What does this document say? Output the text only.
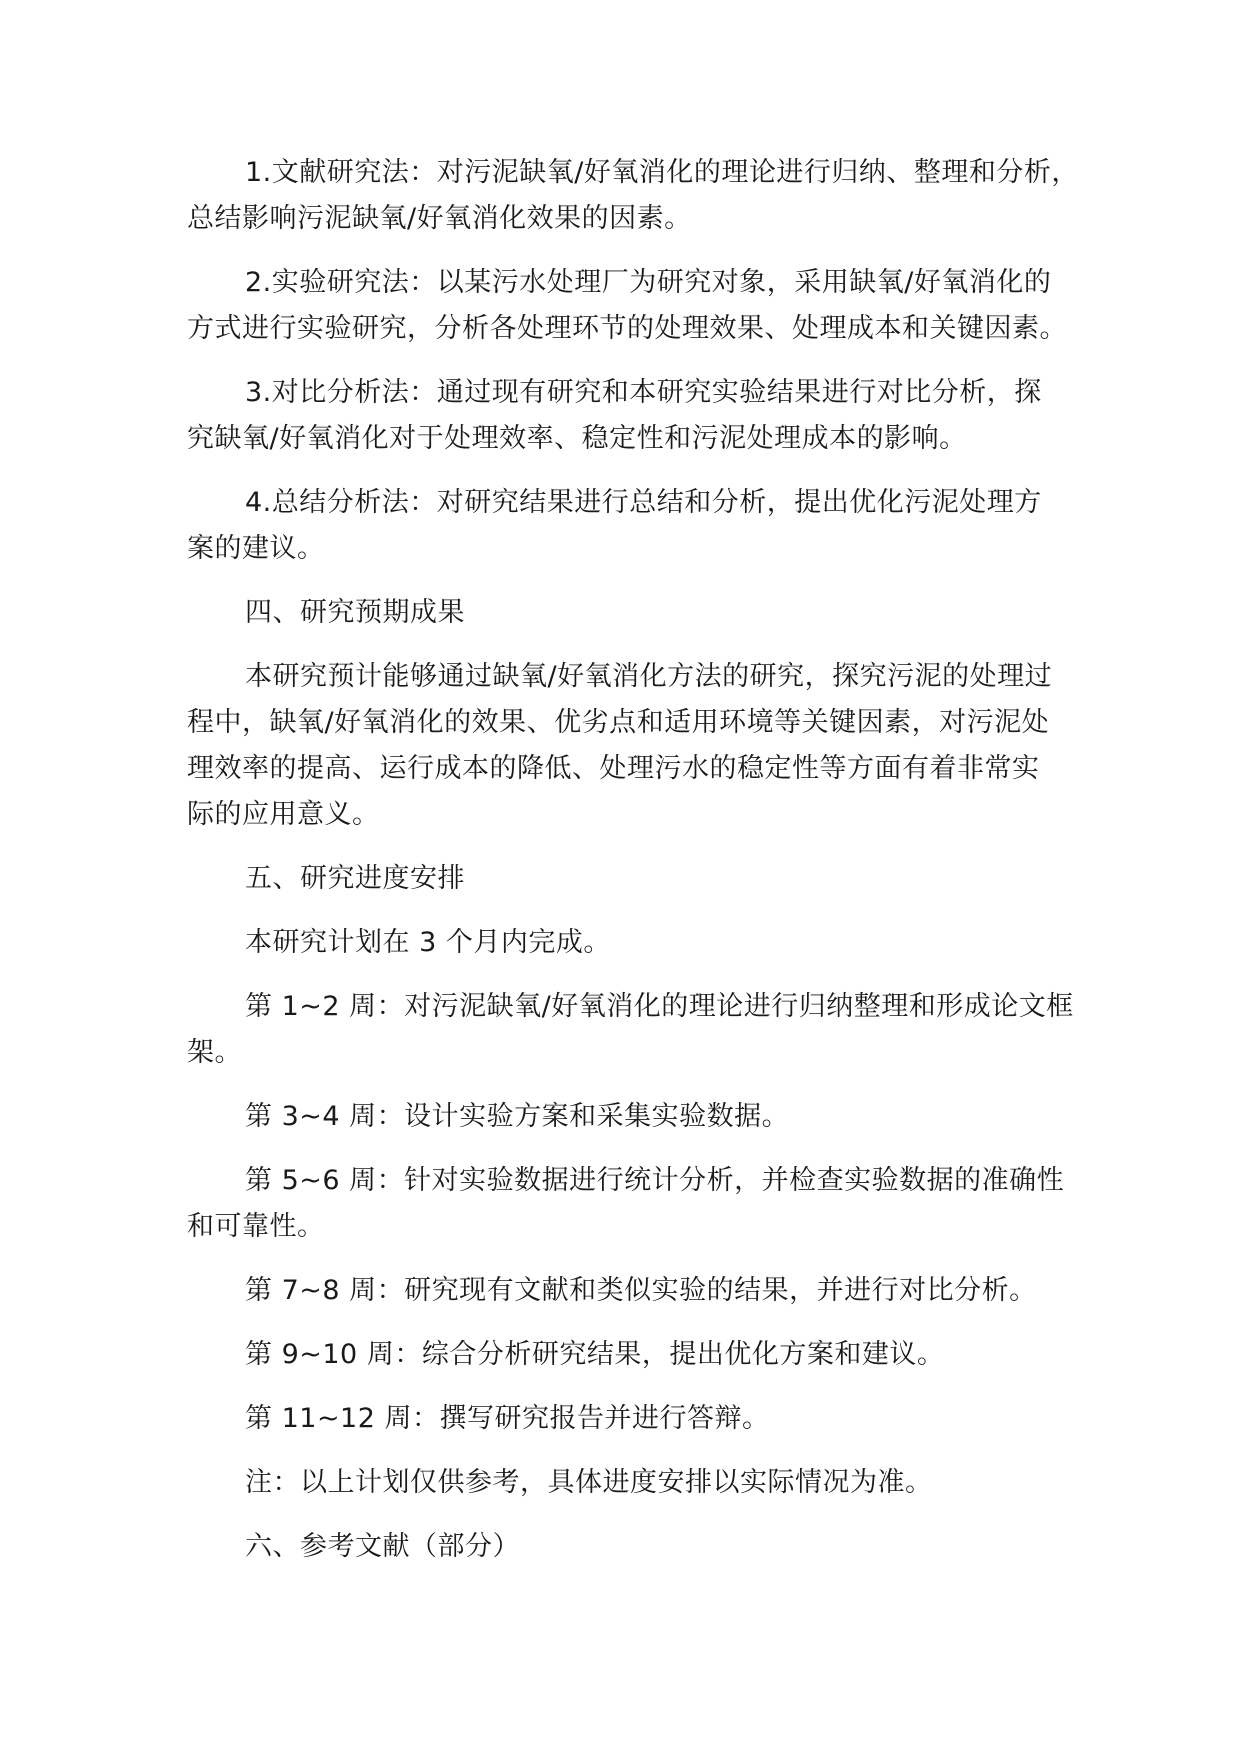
1.文献研究法：对污泥缺氧/好氧消化的理论进行归纳、整理和分析，
总结影响污泥缺氧/好氧消化效果的因素。
2.实验研究法：以某污水处理厂为研究对象，采用缺氧/好氧消化的
方式进行实验研究，分析各处理环节的处理效果、处理成本和关键因素。
3.对比分析法：通过现有研究和本研究实验结果进行对比分析，探
究缺氧/好氧消化对于处理效率、稳定性和污泥处理成本的影响。
4.总结分析法：对研究结果进行总结和分析，提出优化污泥处理方
案的建议。
四、研究预期成果
本研究预计能够通过缺氧/好氧消化方法的研究，探究污泥的处理过
程中，缺氧/好氧消化的效果、优劣点和适用环境等关键因素，对污泥处
理效率的提高、运行成本的降低、处理污水的稳定性等方面有着非常实
际的应用意义。
五、研究进度安排
本研究计划在 3 个月内完成。
第 1~2 周：对污泥缺氧/好氧消化的理论进行归纳整理和形成论文框
架。
第 3~4 周：设计实验方案和采集实验数据。
第 5~6 周：针对实验数据进行统计分析，并检查实验数据的准确性
和可靠性。
第 7~8 周：研究现有文献和类似实验的结果，并进行对比分析。
第 9~10 周：综合分析研究结果，提出优化方案和建议。
第 11~12 周：撰写研究报告并进行答辩。
注：以上计划仅供参考，具体进度安排以实际情况为准。
六、参考文献（部分）
